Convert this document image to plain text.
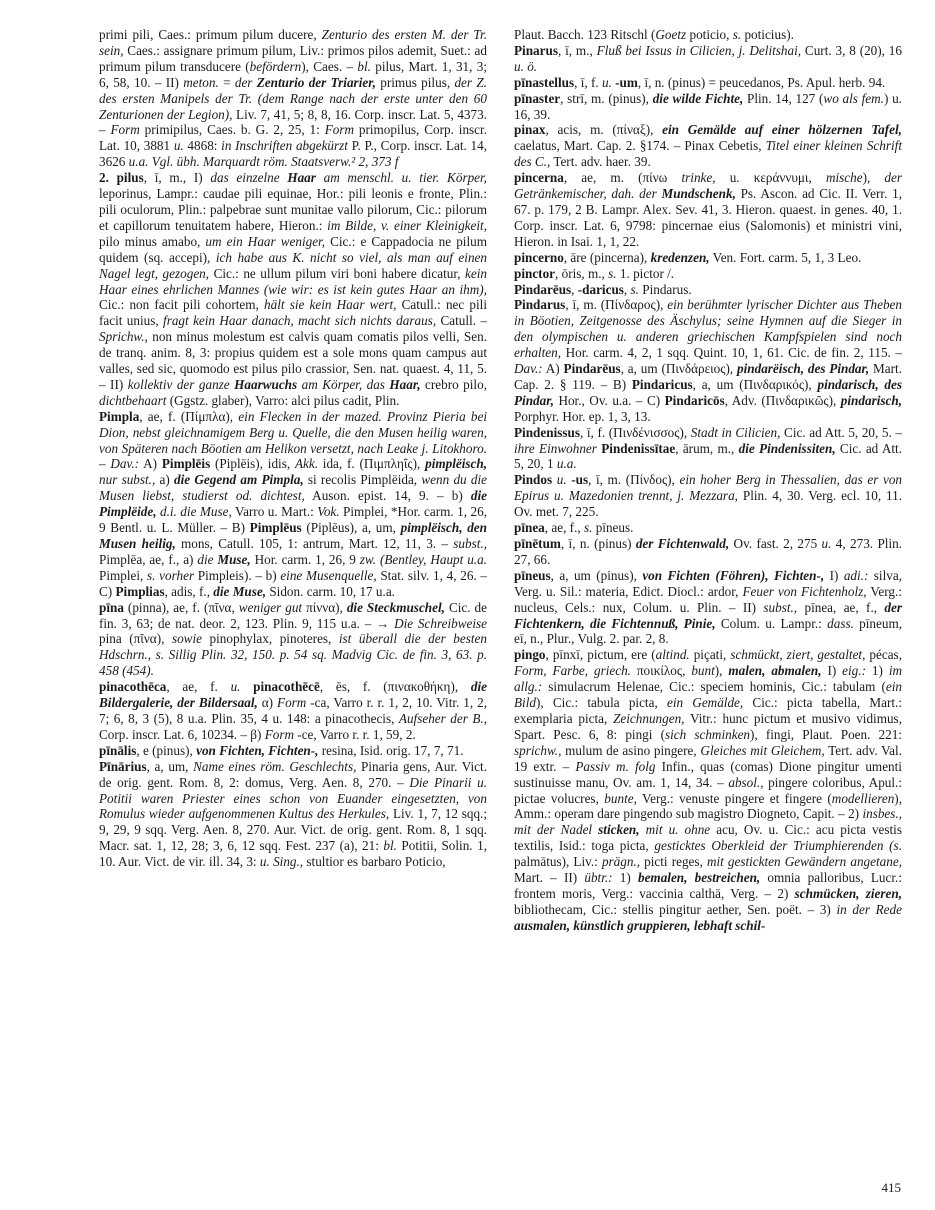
primi pili, Caes.: primum pilum ducere, Zenturio des ersten M. der Tr. sein, Caes.: assignare primum pilum, Liv.: primos pilos ademit, Suet.: ad primum pilum transducere (befördern), Caes. – bl. pilus, Mart. 1, 31, 3; 6, 58, 10. – II) meton. = der Zenturio der Triarier, primus pilus, der Z. des ersten Manipels der Tr. (dem Range nach der erste unter den 60 Zenturionen der Legion), Liv. 7, 41, 5; 8, 8, 16. Corp. inscr. Lat. 5, 4373. – Form primipilus, Caes. b. G. 2, 25, 1: Form primopilus, Corp. inscr. Lat. 10, 3881 u. 4868: in Inschriften abgekürzt P. P., Corp. inscr. Lat. 14, 3626 u.a. Vgl. übh. Marquardt röm. Staatsverw.² 2, 373 f

2. pilus, ī, m., I) das einzelne Haar am menschl. u. tier. Körper, leporinus, Lampr.: caudae pili equinae, Hor.: pili leonis e fronte, Plin.: pili oculorum, Plin.: palpebrae sunt munitae vallo pilorum, Cic.: pilorum et capillorum tenuitatem habere, Hieron.: im Bilde, v. einer Kleinigkeit, pilo minus amabo, um ein Haar weniger, Cic.: e Cappadocia ne pilum quidem (sq. accepi), ich habe aus K. nicht so viel, als man auf einen Nagel legt, gezogen, Cic.: ne ullum pilum viri boni habere dicatur, kein Haar eines ehrlichen Mannes (wie wir: es ist kein gutes Haar an ihm), Cic.: non facit pili cohortem, hält sie kein Haar wert, Catull.: nec pili facit unius, fragt kein Haar danach, macht sich nichts daraus, Catull. – Sprichw., non minus molestum est calvis quam comatis pilos velli, Sen. de tranq. anim. 8, 3: propius quidem est a sole mons quam campus aut valles, sed sic, quomodo est pilus pilo crassior, Sen. nat. quaest. 4, 11, 5. – II) kollektiv der ganze Haarwuchs am Körper, das Haar, crebro pilo, dichtbehaart (Ggstz. glaber), Varro: alci pilus cadit, Plin.

Pimpla, ae, f. (Πίμπλα), ein Flecken in der mazed. Provinz Pieria bei Dion, nebst gleichnamigem Berg u. Quelle, die den Musen heilig waren, von Späteren nach Böotien am Helikon versetzt, nach Leake j. Litokhoro. – Dav.: A) Pimplēis (Piplēis), idis, Akk. ida, f. (Πιμπληΐς), pimplëisch, nur subst., a) die Gegend am Pimpla, si recolis Pimplëida, wenn du die Musen liebst, studierst od. dichtest, Auson. epist. 14, 9. – b) die Pimplëide, d.i. die Muse, Varro u. Mart.: Vok. Pimplei, *Hor. carm. 1, 26, 9 Bentl. u. L. Müller. – B) Pimplēus (Piplēus), a, um, pimplëisch, den Musen heilig, mons, Catull. 105, 1: antrum, Mart. 12, 11, 3. – subst., Pimplēa, ae, f., a) die Muse, Hor. carm. 1, 26, 9 zw. (Bentley, Haupt u.a. Pimplei, s. vorher Pimpleis). – b) eine Musenquelle, Stat. silv. 1, 4, 26. – C) Pimplias, adis, f., die Muse, Sidon. carm. 10, 17 u.a.

pīna (pinna), ae, f. (πῖνα, weniger gut πίννα), die Steckmuschel, Cic. de fin. 3, 63; de nat. deor. 2, 123. Plin. 9, 115 u.a. – → Die Schreibweise pina (πῖνα), sowie pinophylax, pinoteres, ist überall die der besten Hdschrn., s. Sillig Plin. 32, 150. p. 54 sq. Madvig Cic. de fin. 3, 63. p. 458 (454).

pinacothēca, ae, f. u. pinacothēcē, ēs, f. (πινακοθήκη), die Bildergalerie, der Bildersaal, α) Form -ca, Varro r. r. 1, 2, 10. Vitr. 1, 2, 7; 6, 8, 3 (5), 8 u.a. Plin. 35, 4 u. 148: a pinacothecis, Aufseher der B., Corp. inscr. Lat. 6, 10234. – β) Form -ce, Varro r. r. 1, 59, 2.

pīnālis, e (pinus), von Fichten, Fichten-, resina, Isid. orig. 17, 7, 71.

Pīnārius, a, um, Name eines röm. Geschlechts, Pinaria gens, Aur. Vict. de orig. gent. Rom. 8, 2: domus, Verg. Aen. 8, 270. – Die Pinarii u. Potitii waren Priester eines schon von Euander eingesetzten, von Romulus wieder aufgenommenen Kultus des Herkules, Liv. 1, 7, 12 sqq.; 9, 29, 9 sqq. Verg. Aen. 8, 270. Aur. Vict. de orig. gent. Rom. 8, 1 sqq. Macr. sat. 1, 12, 28; 3, 6, 12 sqq. Fest. 237 (a), 21: bl. Potitii, Solin. 1, 10. Aur. Vict. de vir. ill. 34, 3: u. Sing., stultior es barbaro Poticio,

Plaut. Bacch. 123 Ritschl (Goetz poticio, s. poticius).

Pinarus, ī, m., Fluß bei Issus in Cilicien, j. Delitshai, Curt. 3, 8 (20), 16 u. ö.

pīnastellus, ī, f. u. -um, ī, n. (pinus) = peucedanos, Ps. Apul. herb. 94.

pīnaster, strī, m. (pinus), die wilde Fichte, Plin. 14, 127 (wo als fem.) u. 16, 39.

pinax, acis, m. (πίναξ), ein Gemälde auf einer hölzernen Tafel, caelatus, Mart. Cap. 2. §174. – Pinax Cebetis, Titel einer kleinen Schrift des C., Tert. adv. haer. 39.

pincerna, ae, m. (πίνω trinke, u. κεράννυμι, mische), der Getränkemischer, dah. der Mundschenk, Ps. Ascon. ad Cic. II. Verr. 1, 67. p. 179, 2 B. Lampr. Alex. Sev. 41, 3. Hieron. quaest. in genes. 40, 1. Corp. inscr. Lat. 6, 9798: pincernae eius (Salomonis) et ministri vini, Hieron. in Isai. 1, 1, 22.

pincerno, āre (pincerna), kredenzen, Ven. Fort. carm. 5, 1, 3 Leo.

pinctor, ōris, m., s. 1. pictor /.

Pindarēus, -daricus, s. Pindarus.

Pindarus, ī, m. (Πίνδαρος), ein berühmter lyrischer Dichter aus Theben in Böotien, Zeitgenosse des Äschylus; seine Hymnen auf die Sieger in den olympischen u. anderen griechischen Kampfspielen sind noch erhalten, Hor. carm. 4, 2, 1 sqq. Quint. 10, 1, 61. Cic. de fin. 2, 115. – Dav.: A) Pindarēus, a, um (Πινδάρειος), pindarëisch, des Pindar, Mart. Cap. 2. § 119. – B) Pindaricus, a, um (Πινδαρικός), pindarisch, des Pindar, Hor., Ov. u.a. – C) Pindaricōs, Adv. (Πινδαρικῶς), pindarisch, Porphyr. Hor. ep. 1, 3, 13.

Pindenissus, ī, f. (Πινδένισσος), Stadt in Cilicien, Cic. ad Att. 5, 20, 5. – ihre Einwohner Pindenissītae, ārum, m., die Pindenissiten, Cic. ad Att. 5, 20, 1 u.a.

Pindos u. -us, ī, m. (Πίνδος), ein hoher Berg in Thessalien, das er von Epirus u. Mazedonien trennt, j. Mezzara, Plin. 4, 30. Verg. ecl. 10, 11. Ov. met. 7, 225.

pīnea, ae, f., s. pīneus.

pīnētum, ī, n. (pinus) der Fichtenwald, Ov. fast. 2, 275 u. 4, 273. Plin. 27, 66.

pīneus, a, um (pinus), von Fichten (Föhren), Fichten-, I) adi.: silva, Verg. u. Sil.: materia, Edict. Diocl.: ardor, Feuer von Fichtenholz, Verg.: nucleus, Cels.: nux, Colum. u. Plin. – II) subst., pīnea, ae, f., der Fichtenkern, die Fichtennuß, Pinie, Colum. u. Lampr.: dass. pīneum, eī, n., Plur., Vulg. 2. par. 2, 8.

pingo, pīnxī, pictum, ere (altind. piçati, schmückt, ziert, gestaltet, pécas, Form, Farbe, griech. ποικίλος, bunt), malen, abmalen, I) eig.: 1) im allg.: simulacrum Helenae, Cic.: speciem hominis, Cic.: tabulam (ein Bild), Cic.: tabula picta, ein Gemälde, Cic.: picta tabella, Mart.: exemplaria picta, Zeichnungen, Vitr.: hunc pictum et musivo vidimus, Spart. Pesc. 6, 8: pingi (sich schminken), fingi, Plaut. Poen. 221: sprichw., mulum de asino pingere, Gleiches mit Gleichem, Tert. adv. Val. 19 extr. – Passiv m. folg Infin., quas (comas) Dione pingitur umenti sustinuisse manu, Ov. am. 1, 14, 34. – absol., pingere coloribus, Apul.: pictae volucres, bunte, Verg.: venuste pingere et fingere (modellieren), Amm.: operam dare pingendo sub magistro Diogneto, Capit. – 2) insbes., mit der Nadel sticken, mit u. ohne acu, Ov. u. Cic.: acu picta vestis textilis, Isid.: toga picta, gesticktes Oberkleid der Triumphierenden (s. palmātus), Liv.: prägn., picti reges, mit gestickten Gewändern angetane, Mart. – II) übtr.: 1) bemalen, bestreichen, omnia palloribus, Lucr.: frontem moris, Verg.: vaccinia calthā, Verg. – 2) schmücken, zieren, bibliothecam, Cic.: stellis pingitur aether, Sen. poët. – 3) in der Rede ausmalen, künstlich gruppieren, lebhaft schil-

415
